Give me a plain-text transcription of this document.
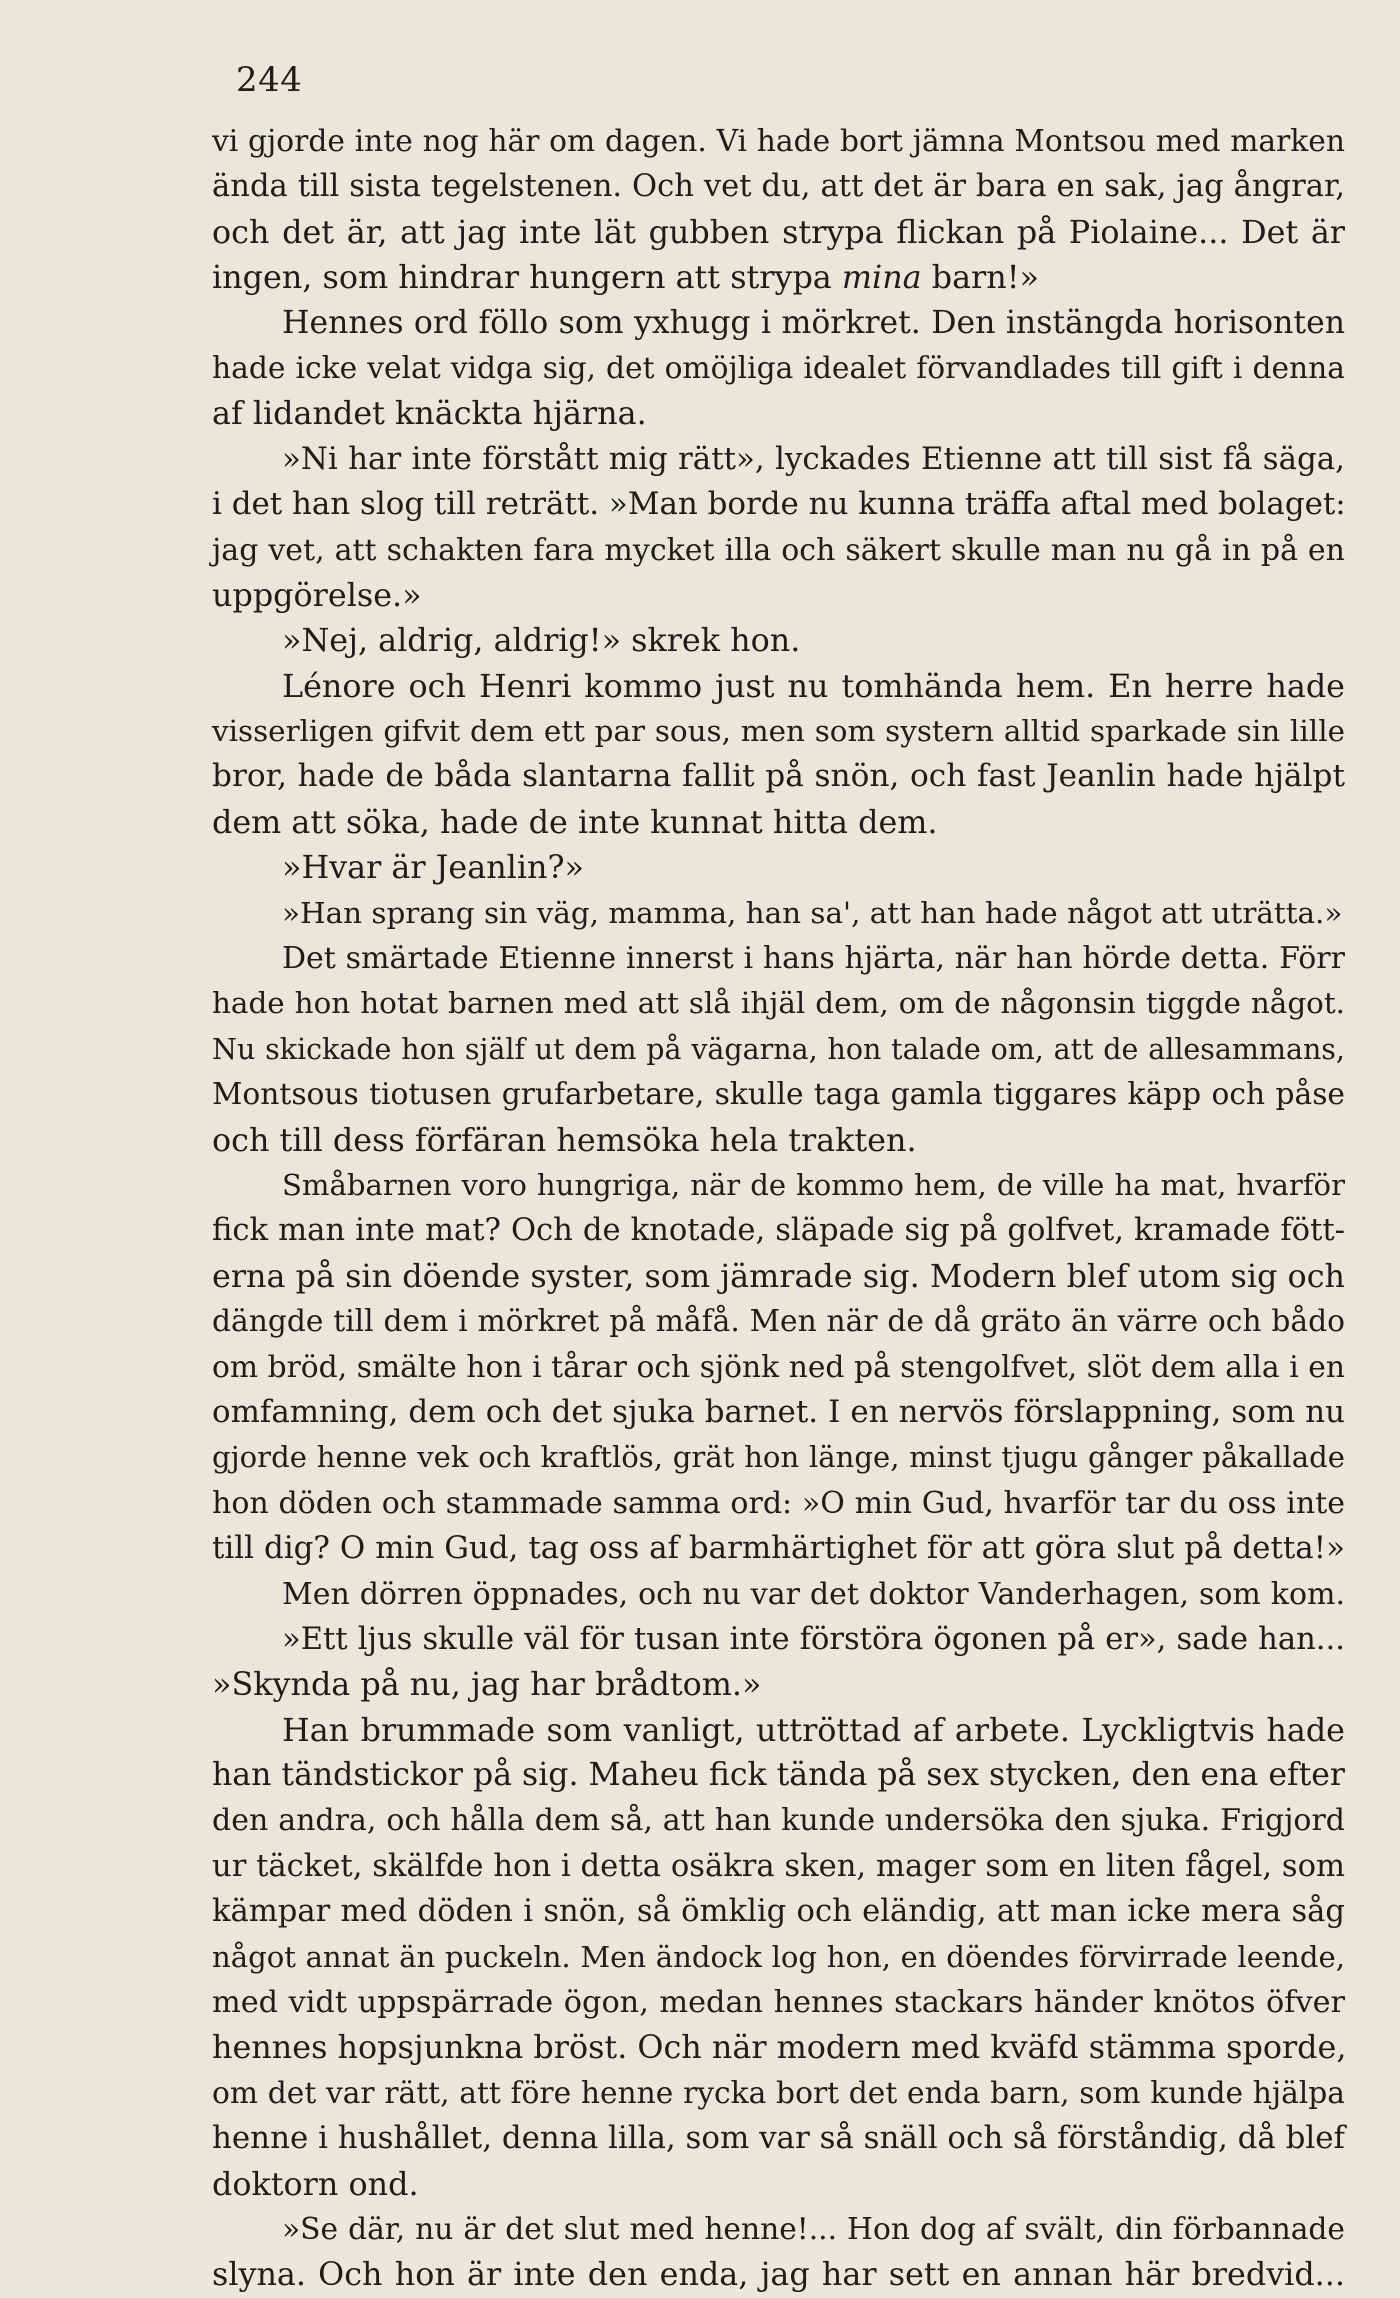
244
vi gjorde inte nog här om dagen. Vi hade bort jämna Montsou med marken
ända till sista tegelstenen. Och vet du, att det är bara en sak, jag ångrar,
och det är, att jag inte lät gubben strypa flickan på Piolaine... Det är
ingen, som hindrar hungern att strypa mina barn!»
Hennes ord föllo som yxhugg i mörkret. Den instängda horisonten
hade icke velat vidga sig, det omöjliga idealet förvandlades till gift i denna
af lidandet knäckta hjärna.
»Ni har inte förstått mig rätt», lyckades Etienne att till sist få säga,
i det han slog till reträtt. »Man borde nu kunna träffa aftal med bolaget:
jag vet, att schakten fara mycket illa och säkert skulle man nu gå in på en
uppgörelse.»
»Nej, aldrig, aldrig!» skrek hon.
Lénore och Henri kommo just nu tomhända hem. En herre hade
visserligen gifvit dem ett par sous, men som systern alltid sparkade sin lille
bror, hade de båda slantarna fallit på snön, och fast Jeanlin hade hjälpt
dem att söka, hade de inte kunnat hitta dem.
»Hvar är Jeanlin?»
»Han sprang sin väg, mamma, han sa', att han hade något att uträtta.»
Det smärtade Etienne innerst i hans hjärta, när han hörde detta. Förr
hade hon hotat barnen med att slå ihjäl dem, om de någonsin tiggde något.
Nu skickade hon själf ut dem på vägarna, hon talade om, att de allesammans,
Montsous tiotusen grufarbetare, skulle taga gamla tiggares käpp och påse
och till dess förfäran hemsöka hela trakten.
Småbarnen voro hungriga, när de kommo hem, de ville ha mat, hvarför
fick man inte mat? Och de knotade, släpade sig på golfvet, kramade fött-
erna på sin döende syster, som jämrade sig. Modern blef utom sig och
dängde till dem i mörkret på måfå. Men när de då gräto än värre och bådo
om bröd, smälte hon i tårar och sjönk ned på stengolfvet, slöt dem alla i en
omfamning, dem och det sjuka barnet. I en nervös förslappning, som nu
gjorde henne vek och kraftlös, grät hon länge, minst tjugu gånger påkallade
hon döden och stammade samma ord: »O min Gud, hvarför tar du oss inte
till dig? O min Gud, tag oss af barmhärtighet för att göra slut på detta!»
Men dörren öppnades, och nu var det doktor Vanderhagen, som kom.
»Ett ljus skulle väl för tusan inte förstöra ögonen på er», sade han...
»Skynda på nu, jag har brådtom.»
Han brummade som vanligt, uttröttad af arbete. Lyckligtvis hade
han tändstickor på sig. Maheu fick tända på sex stycken, den ena efter
den andra, och hålla dem så, att han kunde undersöka den sjuka. Frigjord
ur täcket, skälfde hon i detta osäkra sken, mager som en liten fågel, som
kämpar med döden i snön, så ömklig och eländig, att man icke mera såg
något annat än puckeln. Men ändock log hon, en döendes förvirrade leende,
med vidt uppspärrade ögon, medan hennes stackars händer knötos öfver
hennes hopsjunkna bröst. Och när modern med kväfd stämma sporde,
om det var rätt, att före henne rycka bort det enda barn, som kunde hjälpa
henne i hushållet, denna lilla, som var så snäll och så förståndig, då blef
doktorn ond.
»Se där, nu är det slut med henne!... Hon dog af svält, din förbannade
slyna. Och hon är inte den enda, jag har sett en annan här bredvid...
